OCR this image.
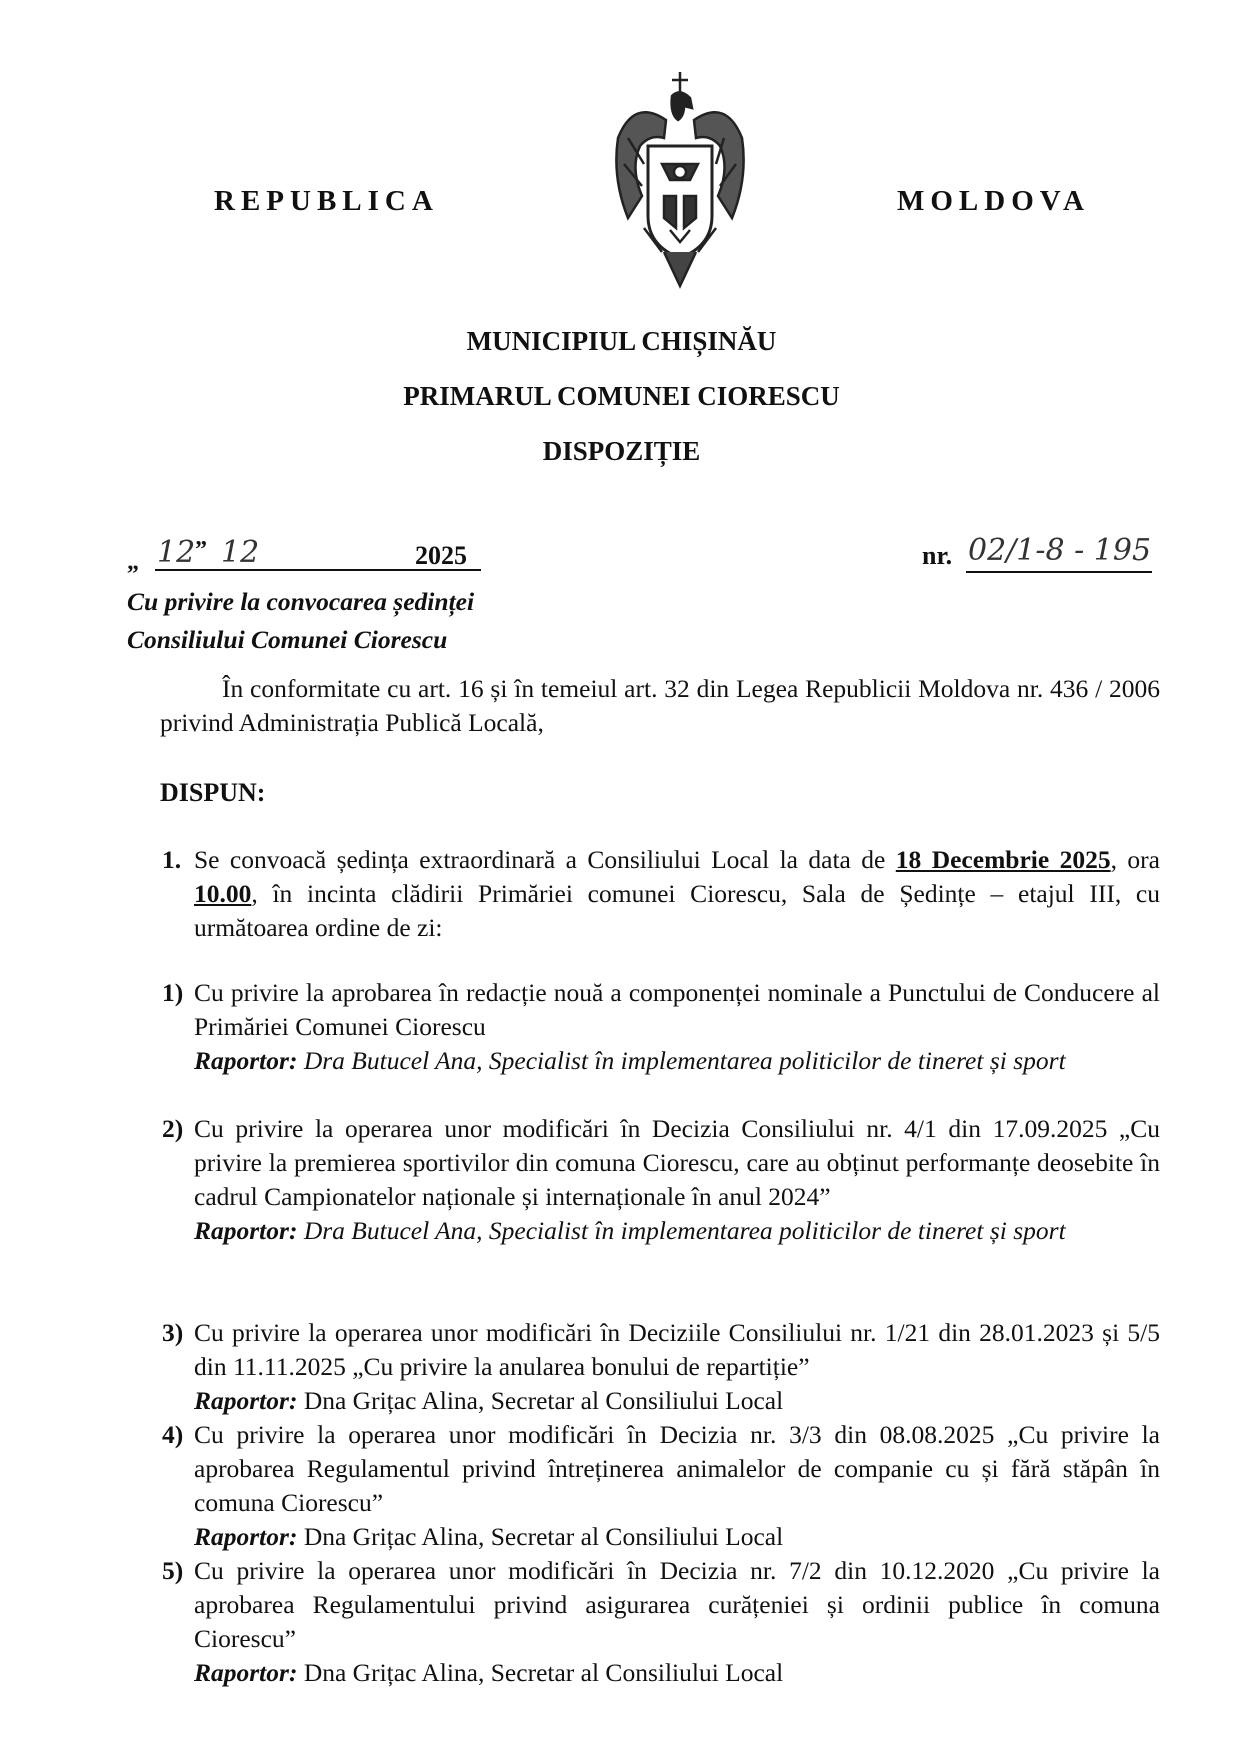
REPUBLICA	MOLDOVA
MUNICIPIUL CHIȘINĂU
PRIMARUL COMUNEI CIORESCU
DISPOZIȚIE
„ 12 ” 12	2025	nr. 02/1-8 - 195
Cu privire la convocarea ședinței
Consiliului Comunei Ciorescu
În conformitate cu art. 16 și în temeiul art. 32 din Legea Republicii Moldova nr. 436 / 2006 privind Administrația Publică Locală,
DISPUN:
1. Se convoacă ședința extraordinară a Consiliului Local la data de 18 Decembrie 2025, ora 10.00, în incinta clădirii Primăriei comunei Ciorescu, Sala de Ședințe – etajul III, cu următoarea ordine de zi:
1) Cu privire la aprobarea în redacție nouă a componenței nominale a Punctului de Conducere al Primăriei Comunei Ciorescu
Raportor: Dra Butucel Ana, Specialist în implementarea politicilor de tineret și sport
2) Cu privire la operarea unor modificări în Decizia Consiliului nr. 4/1 din 17.09.2025 „Cu privire la premierea sportivilor din comuna Ciorescu, care au obținut performanțe deosebite în cadrul Campionatelor naționale și internaționale în anul 2024”
Raportor: Dra Butucel Ana, Specialist în implementarea politicilor de tineret și sport
3) Cu privire la operarea unor modificări în Deciziile Consiliului nr. 1/21 din 28.01.2023 și 5/5 din 11.11.2025 „Cu privire la anularea bonului de repartiție”
Raportor: Dna Grițac Alina, Secretar al Consiliului Local
4) Cu privire la operarea unor modificări în Decizia nr. 3/3 din 08.08.2025 „Cu privire la aprobarea Regulamentul privind întreținerea animalelor de companie cu și fără stăpân în comuna Ciorescu”
Raportor: Dna Grițac Alina, Secretar al Consiliului Local
5) Cu privire la operarea unor modificări în Decizia nr. 7/2 din 10.12.2020 „Cu privire la aprobarea Regulamentului privind asigurarea curățeniei și ordinii publice în comuna Ciorescu”
Raportor: Dna Grițac Alina, Secretar al Consiliului Local
